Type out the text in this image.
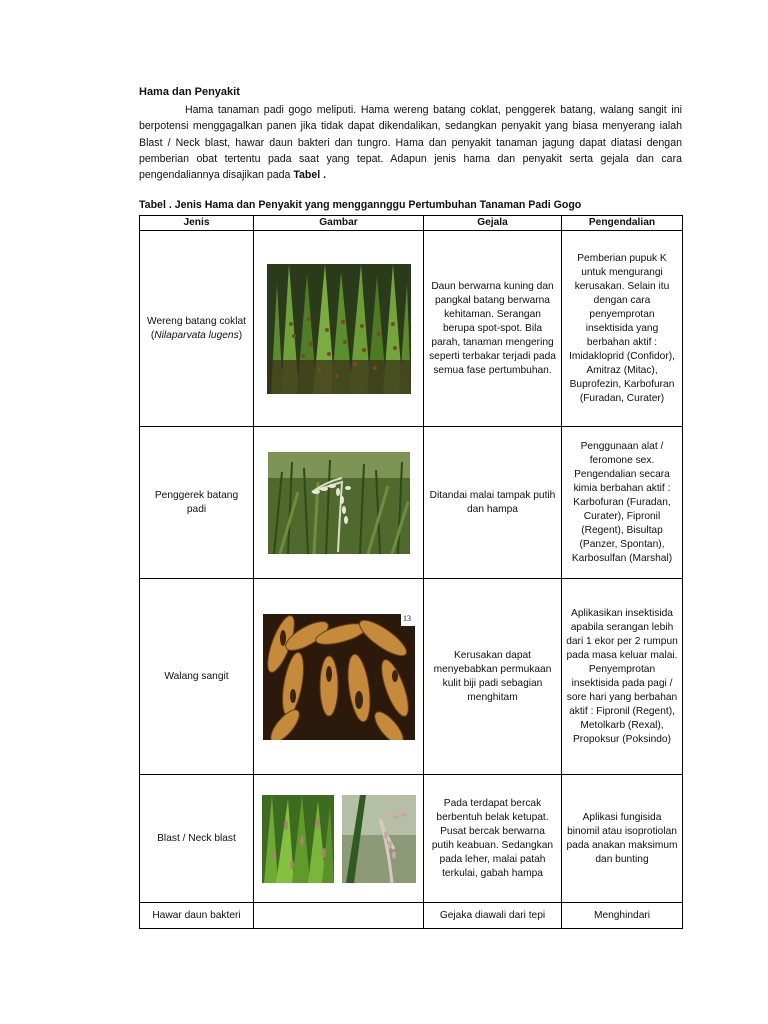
Hama dan Penyakit
Hama tanaman padi gogo meliputi. Hama wereng batang coklat, penggerek batang, walang sangit ini berpotensi menggagalkan panen jika tidak dapat dikendalikan, sedangkan penyakit yang biasa menyerang ialah Blast / Neck blast, hawar daun bakteri dan tungro. Hama dan penyakit tanaman jagung dapat diatasi dengan pemberian obat tertentu pada saat yang tepat. Adapun jenis hama dan penyakit serta gejala dan cara pengendaliannya disajikan pada Tabel .
Tabel . Jenis Hama dan Penyakit yang menggannggu Pertumbuhan Tanaman Padi Gogo
Jenis	Gambar	Gejala	Pengendalian
Wereng batang coklat (Nilaparvata lugens)		Daun berwarna kuning dan pangkal batang berwarna kehitaman. Serangan berupa spot-spot. Bila parah, tanaman mengering seperti terbakar terjadi pada semua fase pertumbuhan.	Pemberian pupuk K untuk mengurangi kerusakan. Selain itu dengan cara penyemprotan insektisida yang berbahan aktif : Imidakloprid (Confidor), Amitraz (Mitac), Buprofezin, Karbofuran (Furadan, Curater)
Penggerek batang padi		Ditandai malai tampak putih dan hampa	Penggunaan alat / feromone sex. Pengendalian secara kimia berbahan aktif : Karbofuran (Furadan, Curater), Fipronil (Regent), Bisultap (Panzer, Spontan), Karbosulfan (Marshal)
Walang sangit	13	Kerusakan dapat menyebabkan permukaan kulit biji padi sebagian menghitam	Aplikasikan insektisida apabila serangan lebih dari 1 ekor per 2 rumpun pada masa keluar malai. Penyemprotan insektisida pada pagi / sore hari yang berbahan aktif : Fipronil (Regent), Metolkarb (Rexal), Propoksur (Poksindo)
Blast / Neck blast		Pada terdapat bercak berbentuh belak ketupat. Pusat bercak berwarna putih keabuan. Sedangkan pada leher, malai patah terkulai, gabah hampa	Aplikasi fungisida binomil atau isoprotiolan pada anakan maksimum dan bunting
Hawar daun bakteri		Gejaka diawali dari tepi	Menghindari
